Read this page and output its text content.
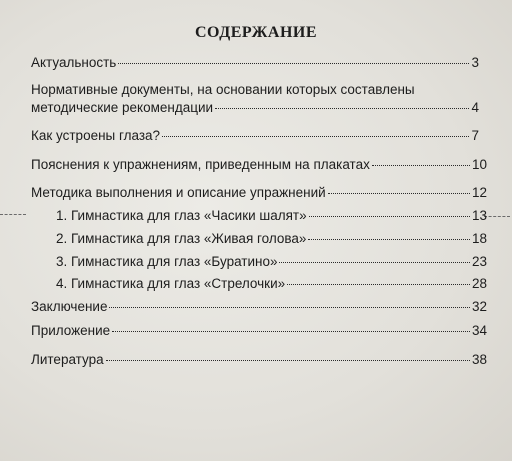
СОДЕРЖАНИЕ
Актуальность	3
Нормативные документы, на основании которых составлены
методические рекомендации	4
Как устроены глаза?	7
Пояснения к упражнениям, приведенным на плакатах	10
Методика выполнения и описание упражнений	12
1. Гимнастика для глаз «Часики шалят»	13
2. Гимнастика для глаз «Живая голова»	18
3. Гимнастика для глаз «Буратино»	23
4. Гимнастика для глаз «Стрелочки»	28
Заключение	32
Приложение	34
Литература	38
